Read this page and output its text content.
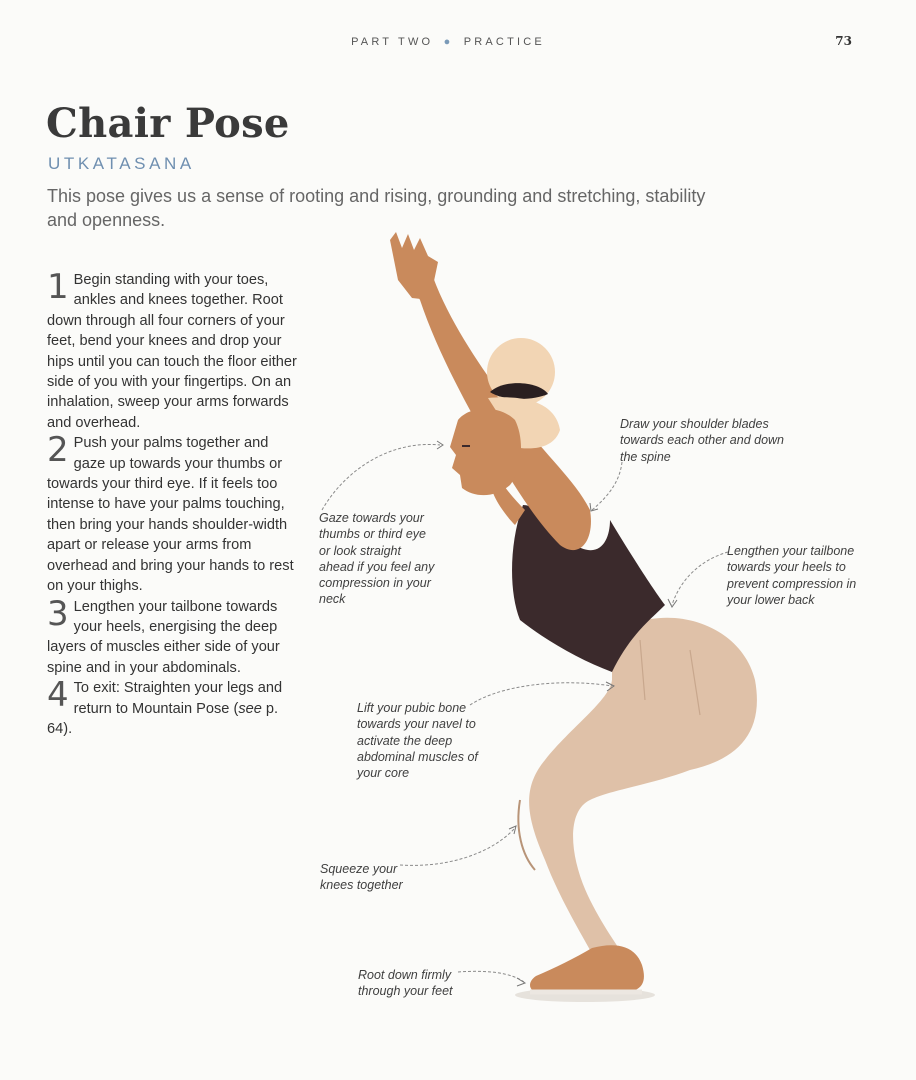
PART TWO ● PRACTICE	73
Chair Pose
UTKATASANA
This pose gives us a sense of rooting and rising, grounding and stretching, stability and openness.

1 Begin standing with your toes, ankles and knees together. Root down through all four corners of your feet, bend your knees and drop your hips until you can touch the floor either side of you with your fingertips. On an inhalation, sweep your arms forwards and overhead.

2 Push your palms together and gaze up towards your thumbs or towards your third eye. If it feels too intense to have your palms touching, then bring your hands shoulder-width apart or release your arms from overhead and bring your hands to rest on your thighs.

3 Lengthen your tailbone towards your heels, energising the deep layers of muscles either side of your spine and in your abdominals.

4 To exit: Straighten your legs and return to Mountain Pose (see p. 64).

Draw your shoulder blades towards each other and down the spine
Gaze towards your thumbs or third eye or look straight ahead if you feel any compression in your neck
Lengthen your tailbone towards your heels to prevent compression in your lower back
Lift your pubic bone towards your navel to activate the deep abdominal muscles of your core
Squeeze your knees together
Root down firmly through your feet
